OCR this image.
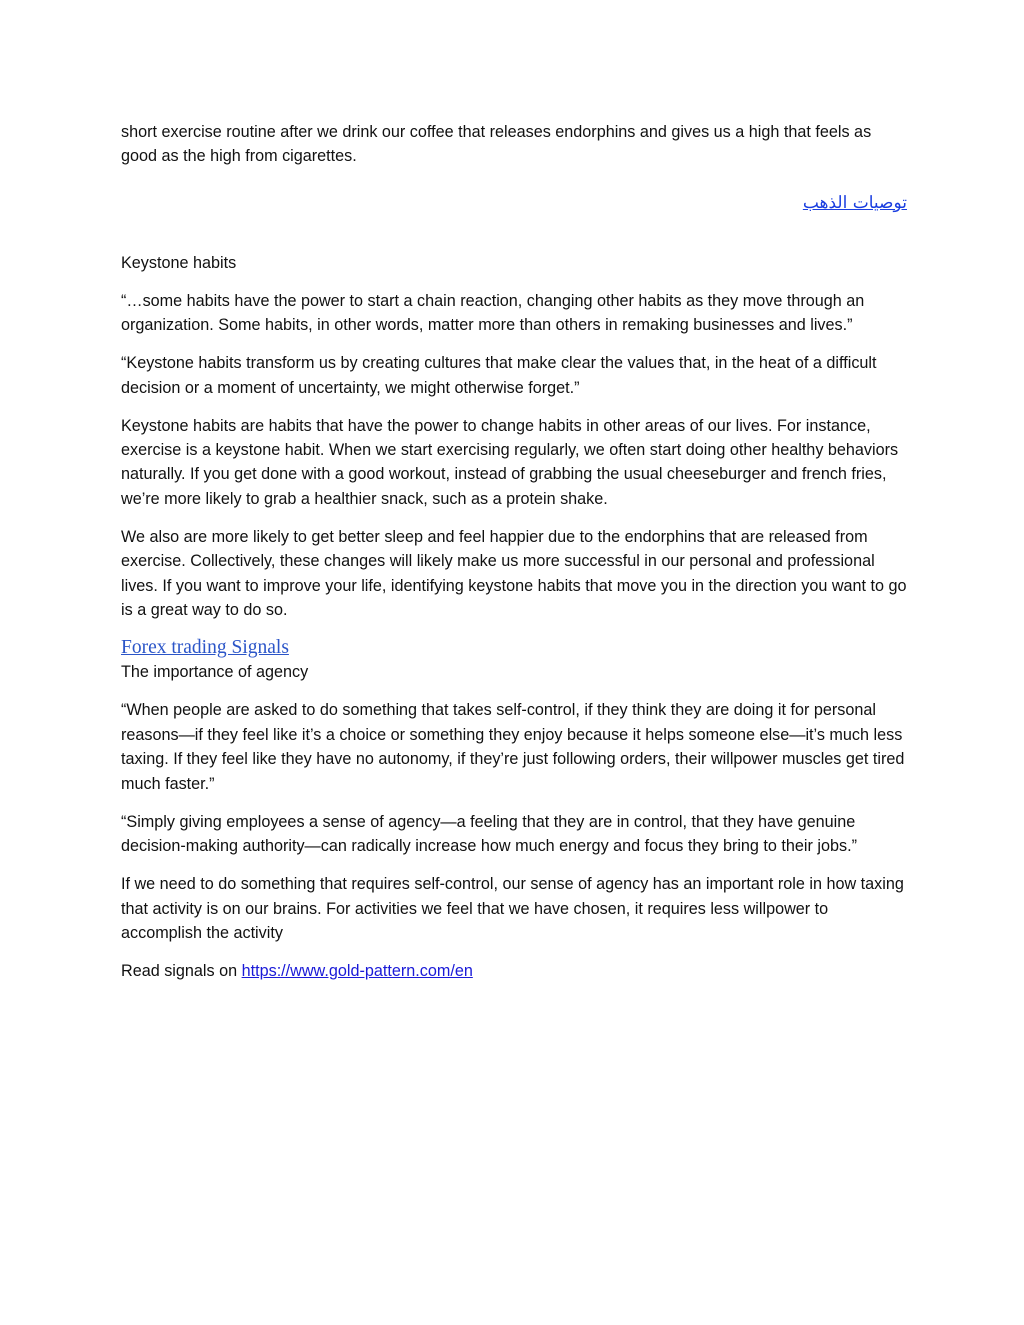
short exercise routine after we drink our coffee that releases endorphins and gives us a high that feels as good as the high from cigarettes.

توصيات الذهب

Keystone habits

“…some habits have the power to start a chain reaction, changing other habits as they move through an organization. Some habits, in other words, matter more than others in remaking businesses and lives.”

“Keystone habits transform us by creating cultures that make clear the values that, in the heat of a difficult decision or a moment of uncertainty, we might otherwise forget.”

Keystone habits are habits that have the power to change habits in other areas of our lives. For instance, exercise is a keystone habit. When we start exercising regularly, we often start doing other healthy behaviors naturally. If you get done with a good workout, instead of grabbing the usual cheeseburger and french fries, we’re more likely to grab a healthier snack, such as a protein shake.

We also are more likely to get better sleep and feel happier due to the endorphins that are released from exercise. Collectively, these changes will likely make us more successful in our personal and professional lives. If you want to improve your life, identifying keystone habits that move you in the direction you want to go is a great way to do so.

Forex trading Signals

The importance of agency

“When people are asked to do something that takes self-control, if they think they are doing it for personal reasons—if they feel like it’s a choice or something they enjoy because it helps someone else—it’s much less taxing. If they feel like they have no autonomy, if they’re just following orders, their willpower muscles get tired much faster.”

“Simply giving employees a sense of agency—a feeling that they are in control, that they have genuine decision-making authority—can radically increase how much energy and focus they bring to their jobs.”

If we need to do something that requires self-control, our sense of agency has an important role in how taxing that activity is on our brains. For activities we feel that we have chosen, it requires less willpower to accomplish the activity

Read signals on https://www.gold-pattern.com/en
